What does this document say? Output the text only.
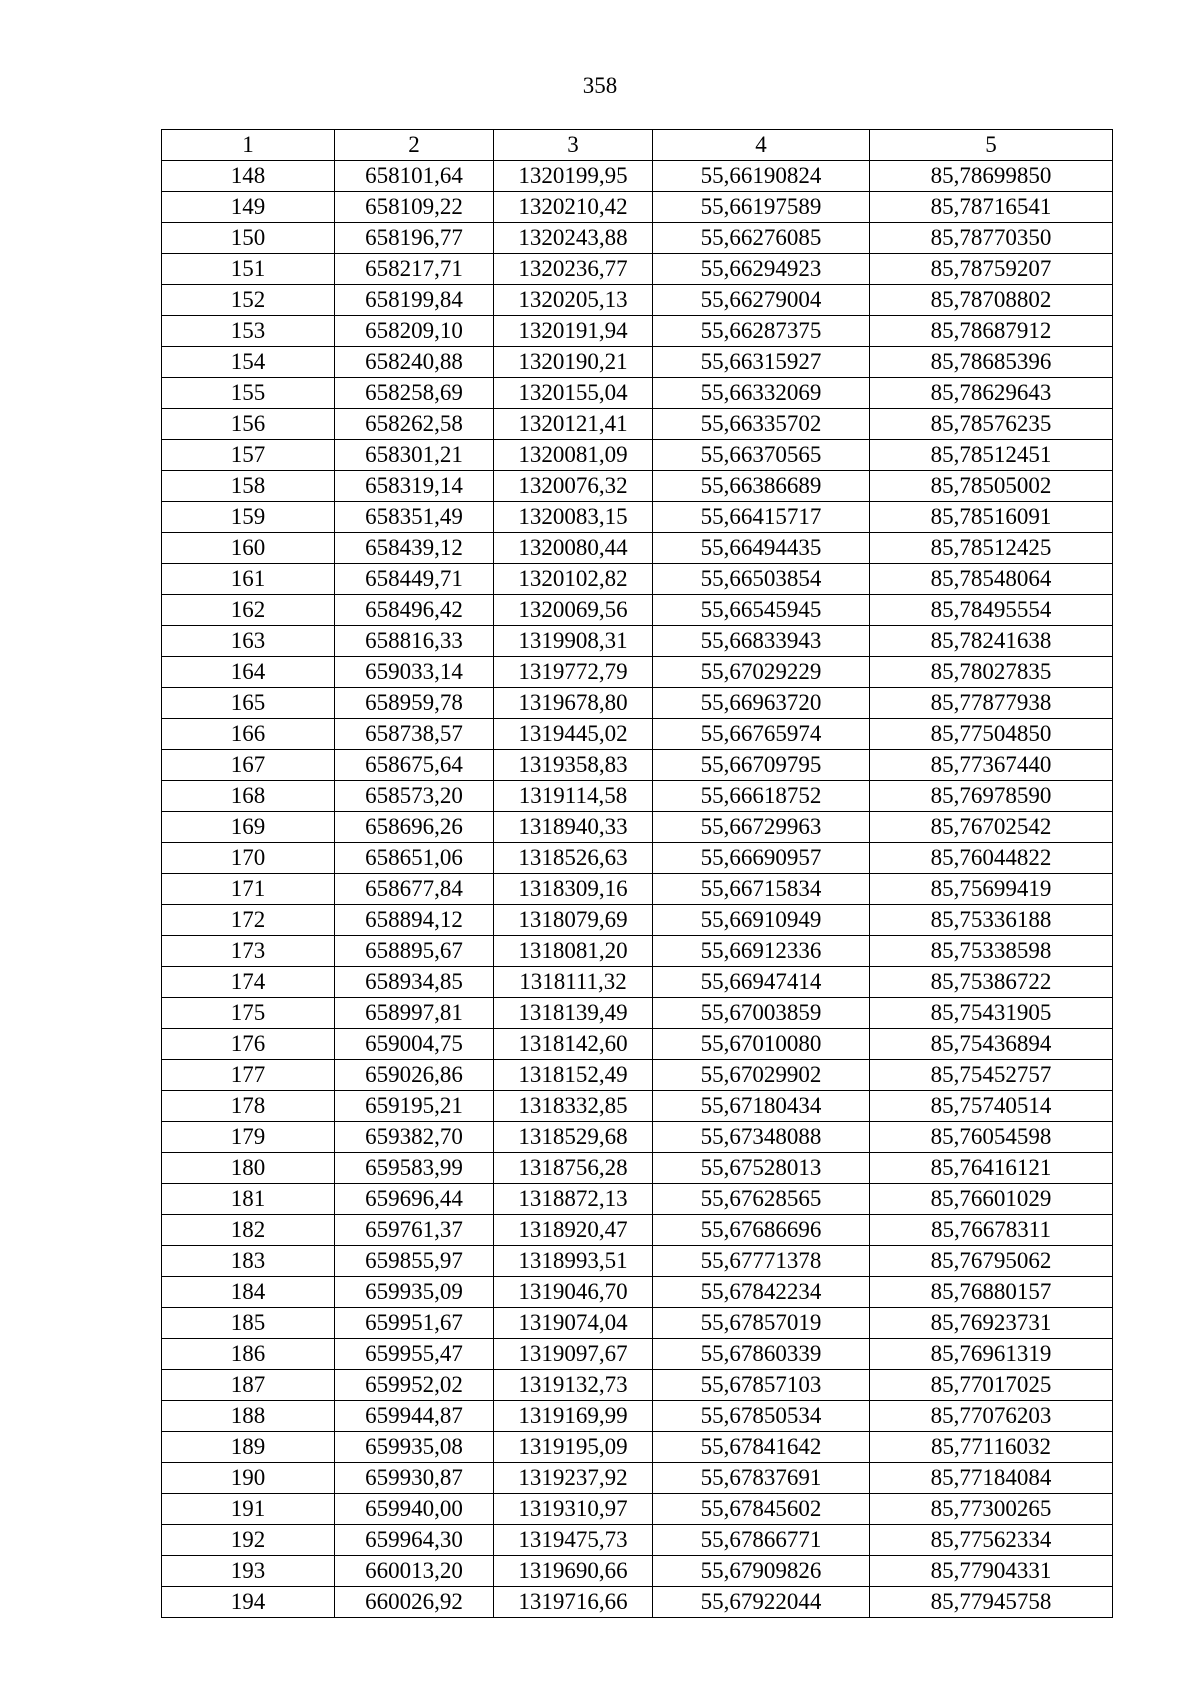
358
1	2	3	4	5
148	658101,64	1320199,95	55,66190824	85,78699850
149	658109,22	1320210,42	55,66197589	85,78716541
150	658196,77	1320243,88	55,66276085	85,78770350
151	658217,71	1320236,77	55,66294923	85,78759207
152	658199,84	1320205,13	55,66279004	85,78708802
153	658209,10	1320191,94	55,66287375	85,78687912
154	658240,88	1320190,21	55,66315927	85,78685396
155	658258,69	1320155,04	55,66332069	85,78629643
156	658262,58	1320121,41	55,66335702	85,78576235
157	658301,21	1320081,09	55,66370565	85,78512451
158	658319,14	1320076,32	55,66386689	85,78505002
159	658351,49	1320083,15	55,66415717	85,78516091
160	658439,12	1320080,44	55,66494435	85,78512425
161	658449,71	1320102,82	55,66503854	85,78548064
162	658496,42	1320069,56	55,66545945	85,78495554
163	658816,33	1319908,31	55,66833943	85,78241638
164	659033,14	1319772,79	55,67029229	85,78027835
165	658959,78	1319678,80	55,66963720	85,77877938
166	658738,57	1319445,02	55,66765974	85,77504850
167	658675,64	1319358,83	55,66709795	85,77367440
168	658573,20	1319114,58	55,66618752	85,76978590
169	658696,26	1318940,33	55,66729963	85,76702542
170	658651,06	1318526,63	55,66690957	85,76044822
171	658677,84	1318309,16	55,66715834	85,75699419
172	658894,12	1318079,69	55,66910949	85,75336188
173	658895,67	1318081,20	55,66912336	85,75338598
174	658934,85	1318111,32	55,66947414	85,75386722
175	658997,81	1318139,49	55,67003859	85,75431905
176	659004,75	1318142,60	55,67010080	85,75436894
177	659026,86	1318152,49	55,67029902	85,75452757
178	659195,21	1318332,85	55,67180434	85,75740514
179	659382,70	1318529,68	55,67348088	85,76054598
180	659583,99	1318756,28	55,67528013	85,76416121
181	659696,44	1318872,13	55,67628565	85,76601029
182	659761,37	1318920,47	55,67686696	85,76678311
183	659855,97	1318993,51	55,67771378	85,76795062
184	659935,09	1319046,70	55,67842234	85,76880157
185	659951,67	1319074,04	55,67857019	85,76923731
186	659955,47	1319097,67	55,67860339	85,76961319
187	659952,02	1319132,73	55,67857103	85,77017025
188	659944,87	1319169,99	55,67850534	85,77076203
189	659935,08	1319195,09	55,67841642	85,77116032
190	659930,87	1319237,92	55,67837691	85,77184084
191	659940,00	1319310,97	55,67845602	85,77300265
192	659964,30	1319475,73	55,67866771	85,77562334
193	660013,20	1319690,66	55,67909826	85,77904331
194	660026,92	1319716,66	55,67922044	85,77945758
